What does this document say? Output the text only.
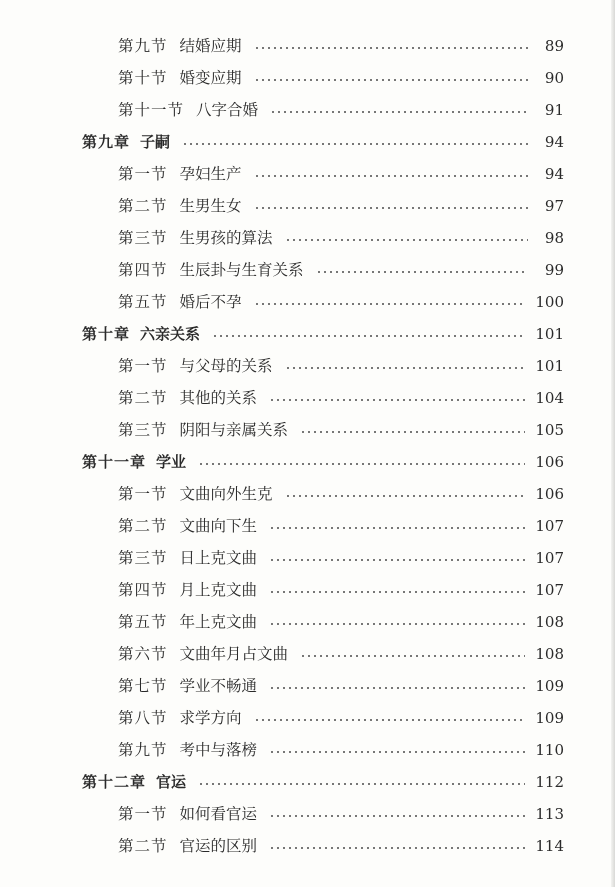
第九节 结婚应期	89
第十节 婚变应期	90
第十一节 八字合婚	91
第九章 子嗣	94
第一节 孕妇生产	94
第二节 生男生女	97
第三节 生男孩的算法	98
第四节 生辰卦与生育关系	99
第五节 婚后不孕	100
第十章 六亲关系	101
第一节 与父母的关系	101
第二节 其他的关系	104
第三节 阴阳与亲属关系	105
第十一章 学业	106
第一节 文曲向外生克	106
第二节 文曲向下生	107
第三节 日上克文曲	107
第四节 月上克文曲	107
第五节 年上克文曲	108
第六节 文曲年月占文曲	108
第七节 学业不畅通	109
第八节 求学方向	109
第九节 考中与落榜	110
第十二章 官运	112
第一节 如何看官运	113
第二节 官运的区别	114
